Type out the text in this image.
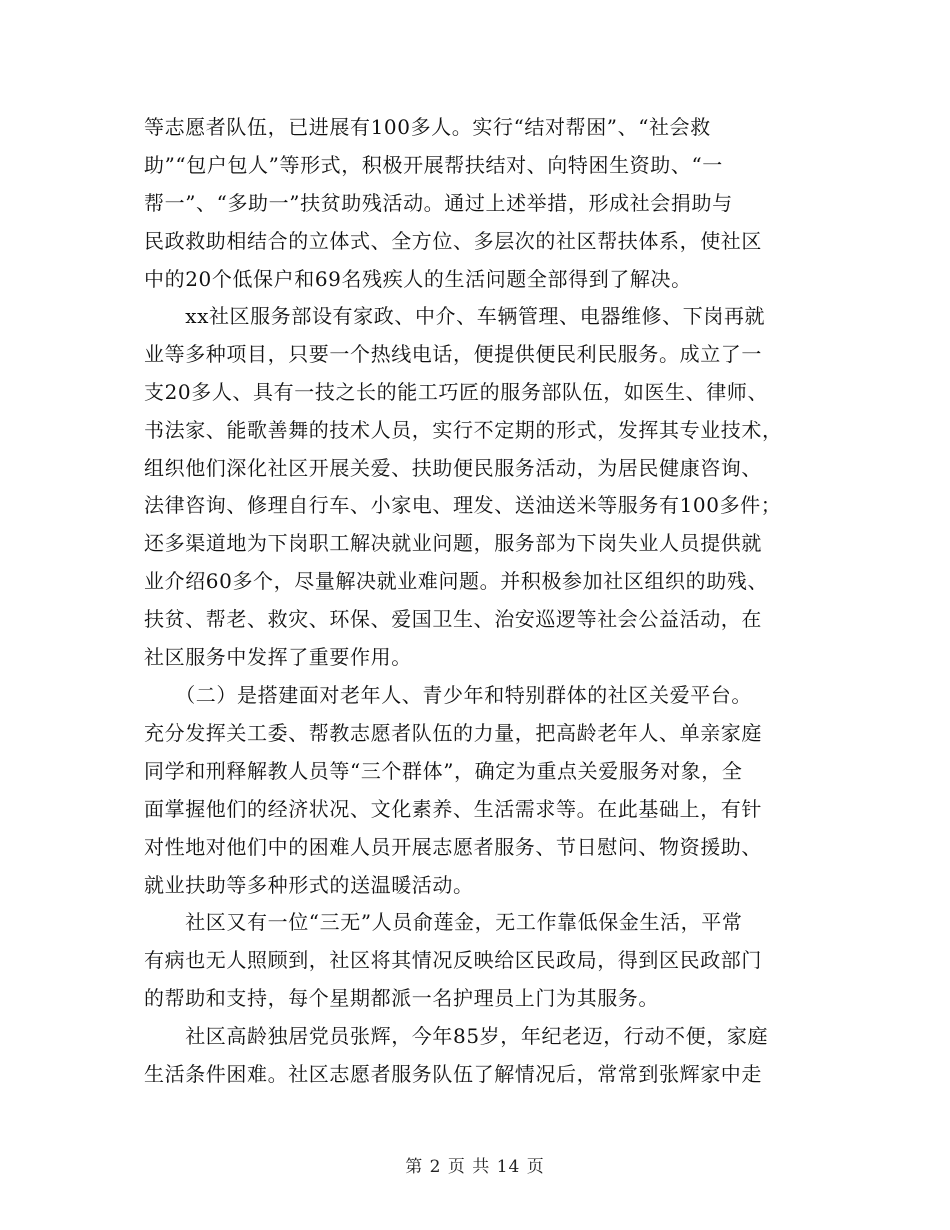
等志愿者队伍，已进展有100多人。实行“结对帮困”、“社会救
助”“包户包人”等形式，积极开展帮扶结对、向特困生资助、“一
帮一”、“多助一”扶贫助残活动。通过上述举措，形成社会捐助与
民政救助相结合的立体式、全方位、多层次的社区帮扶体系，使社区
中的20个低保户和69名残疾人的生活问题全部得到了解决。
　　xx社区服务部设有家政、中介、车辆管理、电器维修、下岗再就
业等多种项目，只要一个热线电话，便提供便民利民服务。成立了一
支20多人、具有一技之长的能工巧匠的服务部队伍，如医生、律师、
书法家、能歌善舞的技术人员，实行不定期的形式，发挥其专业技术，
组织他们深化社区开展关爱、扶助便民服务活动，为居民健康咨询、
法律咨询、修理自行车、小家电、理发、送油送米等服务有100多件；
还多渠道地为下岗职工解决就业问题，服务部为下岗失业人员提供就
业介绍60多个，尽量解决就业难问题。并积极参加社区组织的助残、
扶贫、帮老、救灾、环保、爱国卫生、治安巡逻等社会公益活动，在
社区服务中发挥了重要作用。
　　（二）是搭建面对老年人、青少年和特别群体的社区关爱平台。
充分发挥关工委、帮教志愿者队伍的力量，把高龄老年人、单亲家庭
同学和刑释解教人员等“三个群体”，确定为重点关爱服务对象，全
面掌握他们的经济状况、文化素养、生活需求等。在此基础上，有针
对性地对他们中的困难人员开展志愿者服务、节日慰问、物资援助、
就业扶助等多种形式的送温暖活动。
　　社区又有一位“三无”人员俞莲金，无工作靠低保金生活，平常
有病也无人照顾到，社区将其情况反映给区民政局，得到区民政部门
的帮助和支持，每个星期都派一名护理员上门为其服务。
　　社区高龄独居党员张辉，今年85岁，年纪老迈，行动不便，家庭
生活条件困难。社区志愿者服务队伍了解情况后，常常到张辉家中走
第 2 页 共 14 页
